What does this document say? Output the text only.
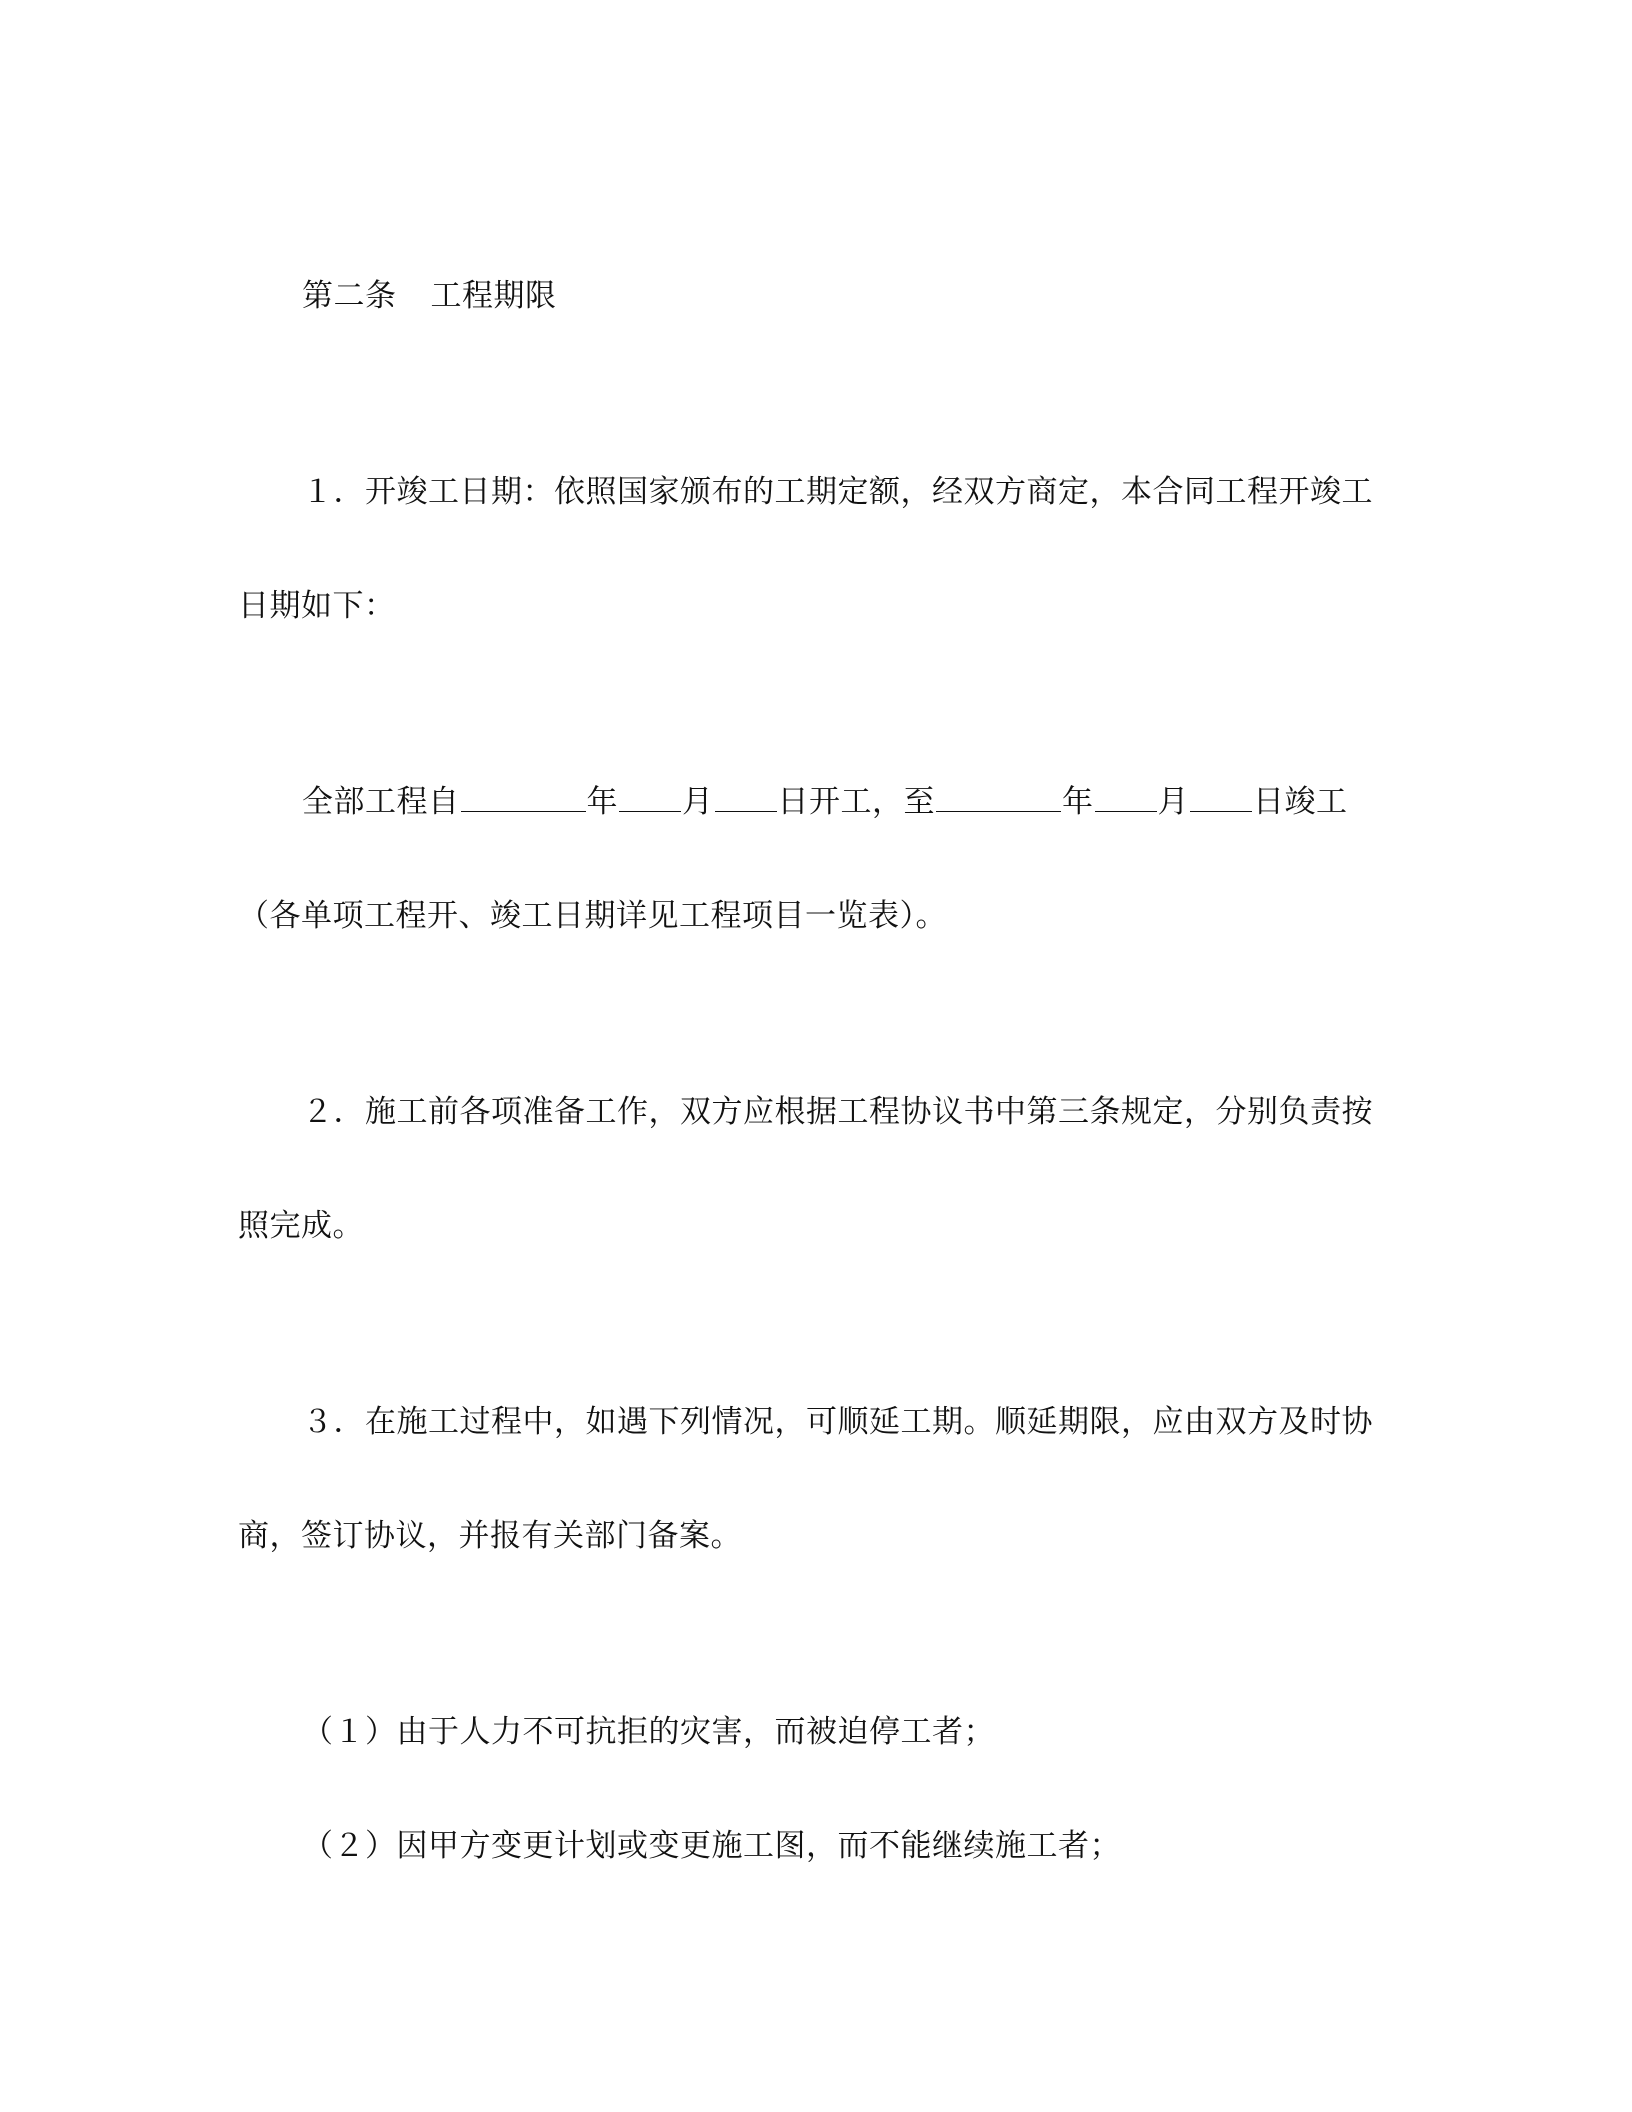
第二条 工程期限
１．开竣工日期：依照国家颁布的工期定额，经双方商定，本合同工程开竣工
日期如下：
全部工程自	年 月 日开工，至	年 月 日竣工
（各单项工程开、竣工日期详见工程项目一览表）。
２．施工前各项准备工作，双方应根据工程协议书中第三条规定，分别负责按
照完成。
３．在施工过程中，如遇下列情况，可顺延工期。顺延期限，应由双方及时协
商，签订协议，并报有关部门备案。
（１）由于人力不可抗拒的灾害，而被迫停工者；
（２）因甲方变更计划或变更施工图，而不能继续施工者；
